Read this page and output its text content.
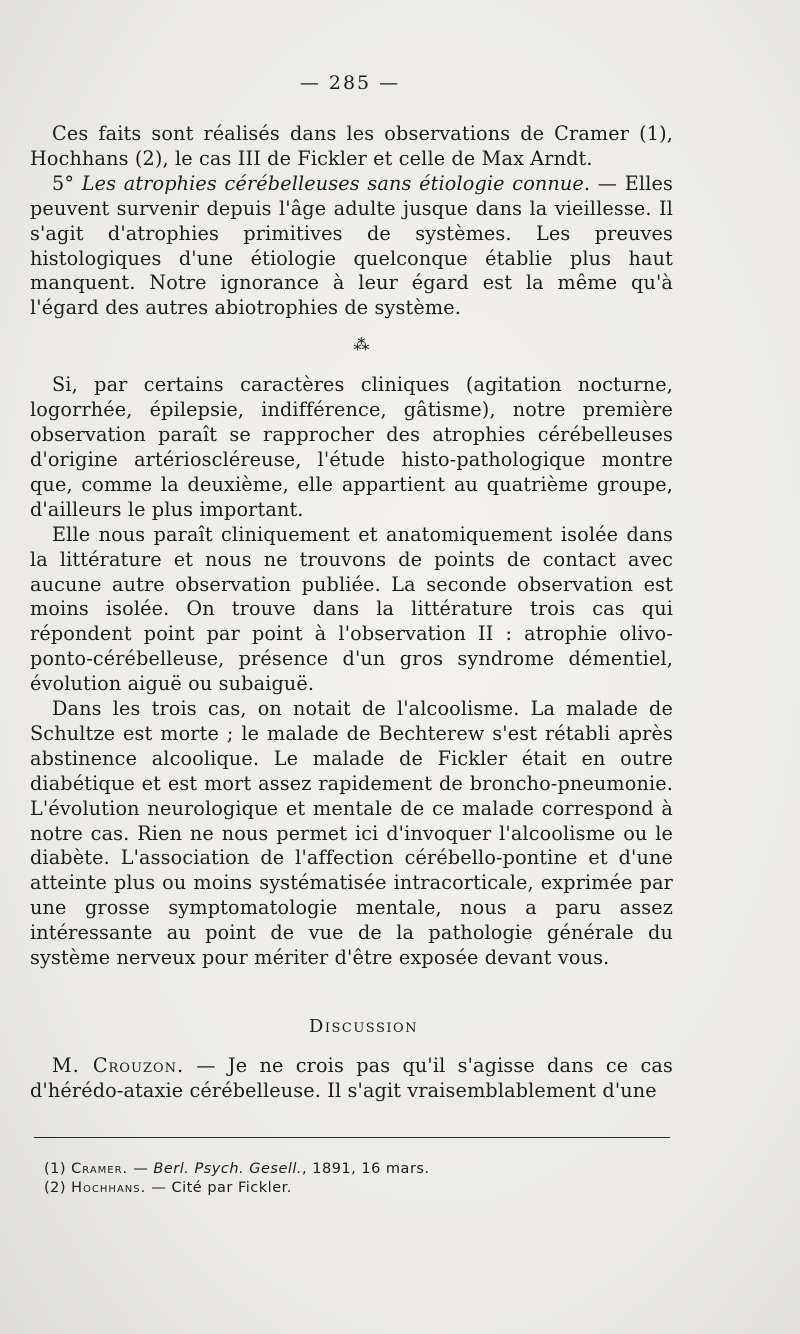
— 285 —

Ces faits sont réalisés dans les observations de Cramer (1), Hochhans (2), le cas III de Fickler et celle de Max Arndt.

5° Les atrophies cérébelleuses sans étiologie connue. — Elles peuvent survenir depuis l'âge adulte jusque dans la vieillesse. Il s'agit d'atrophies primitives de systèmes. Les preuves histologiques d'une étiologie quelconque établie plus haut manquent. Notre ignorance à leur égard est la même qu'à l'égard des autres abiotrophies de système.

⁂

Si, par certains caractères cliniques (agitation nocturne, logorrhée, épilepsie, indifférence, gâtisme), notre première observation paraît se rapprocher des atrophies cérébelleuses d'origine artérioscléreuse, l'étude histo-pathologique montre que, comme la deuxième, elle appartient au quatrième groupe, d'ailleurs le plus important.

Elle nous paraît cliniquement et anatomiquement isolée dans la littérature et nous ne trouvons de points de contact avec aucune autre observation publiée. La seconde observation est moins isolée. On trouve dans la littérature trois cas qui répondent point par point à l'observation II : atrophie olivo-ponto-cérébelleuse, présence d'un gros syndrome démentiel, évolution aiguë ou subaiguë.

Dans les trois cas, on notait de l'alcoolisme. La malade de Schultze est morte ; le malade de Bechterew s'est rétabli après abstinence alcoolique. Le malade de Fickler était en outre diabétique et est mort assez rapidement de broncho-pneumonie. L'évolution neurologique et mentale de ce malade correspond à notre cas. Rien ne nous permet ici d'invoquer l'alcoolisme ou le diabète. L'association de l'affection cérébello-pontine et d'une atteinte plus ou moins systématisée intracorticale, exprimée par une grosse symptomatologie mentale, nous a paru assez intéressante au point de vue de la pathologie générale du système nerveux pour mériter d'être exposée devant vous.

Discussion

M. Crouzon. — Je ne crois pas qu'il s'agisse dans ce cas d'hérédo-ataxie cérébelleuse. Il s'agit vraisemblablement d'une

(1) Cramer. — Berl. Psych. Gesell., 1891, 16 mars.
(2) Hochhans. — Cité par Fickler.
